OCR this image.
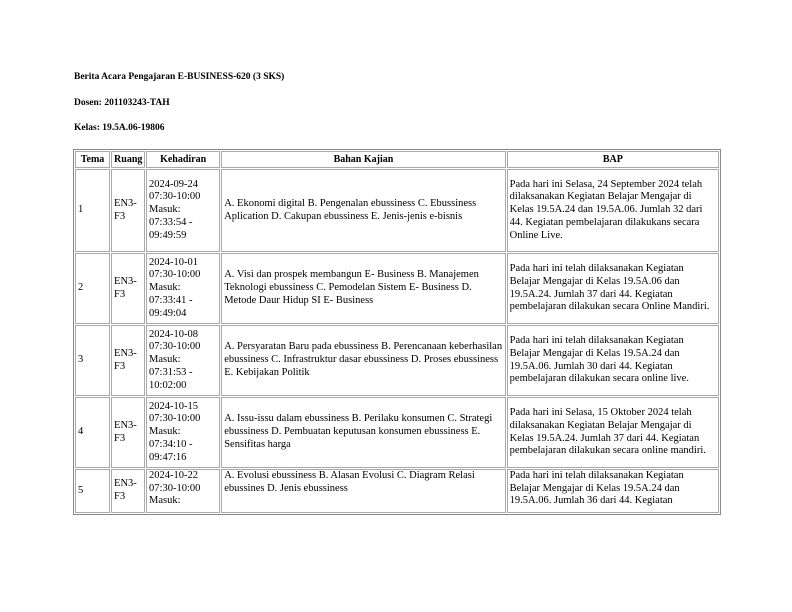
Berita Acara Pengajaran E-BUSINESS-620 (3 SKS)
Dosen: 201103243-TAH
Kelas: 19.5A.06-19806
Tema	Ruang	Kehadiran	Bahan Kajian	BAP
1	EN3-F3	2024-09-24 07:30-10:00 Masuk: 07:33:54 - 09:49:59	A. Ekonomi digital B. Pengenalan ebussiness C. Ebussiness Aplication D. Cakupan ebussiness E. Jenis-jenis e-bisnis	Pada hari ini Selasa, 24 September 2024 telah dilaksanakan Kegiatan Belajar Mengajar di Kelas 19.5A.24 dan 19.5A.06. Jumlah 32 dari 44. Kegiatan pembelajaran dilakukans secara Online Live.
2	EN3-F3	2024-10-01 07:30-10:00 Masuk: 07:33:41 - 09:49:04	A. Visi dan prospek membangun E- Business B. Manajemen Teknologi ebussiness C. Pemodelan Sistem E- Business D. Metode Daur Hidup SI E- Business	Pada hari ini telah dilaksanakan Kegiatan Belajar Mengajar di Kelas 19.5A.06 dan 19.5A.24. Jumlah 37 dari 44. Kegiatan pembelajaran dilakukan secara Online Mandiri.
3	EN3-F3	2024-10-08 07:30-10:00 Masuk: 07:31:53 - 10:02:00	A. Persyaratan Baru pada ebussiness B. Perencanaan keberhasilan ebussiness C. Infrastruktur dasar ebussiness D. Proses ebussiness E. Kebijakan Politik	Pada hari ini telah dilaksanakan Kegiatan Belajar Mengajar di Kelas 19.5A.24 dan 19.5A.06. Jumlah 30 dari 44. Kegiatan pembelajaran dilakukan secara online live.
4	EN3-F3	2024-10-15 07:30-10:00 Masuk: 07:34:10 - 09:47:16	A. Issu-issu dalam ebussiness B. Perilaku konsumen C. Strategi ebussiness D. Pembuatan keputusan konsumen ebussiness E. Sensifitas harga	Pada hari ini Selasa, 15 Oktober 2024 telah dilaksanakan Kegiatan Belajar Mengajar di Kelas 19.5A.24. Jumlah 37 dari 44. Kegiatan pembelajaran dilakukan secara online mandiri.
5	EN3-F3	2024-10-22 07:30-10:00 Masuk:	A. Evolusi ebussiness B. Alasan Evolusi C. Diagram Relasi ebussines D. Jenis ebussiness	Pada hari ini telah dilaksanakan Kegiatan Belajar Mengajar di Kelas 19.5A.24 dan 19.5A.06. Jumlah 36 dari 44. Kegiatan
